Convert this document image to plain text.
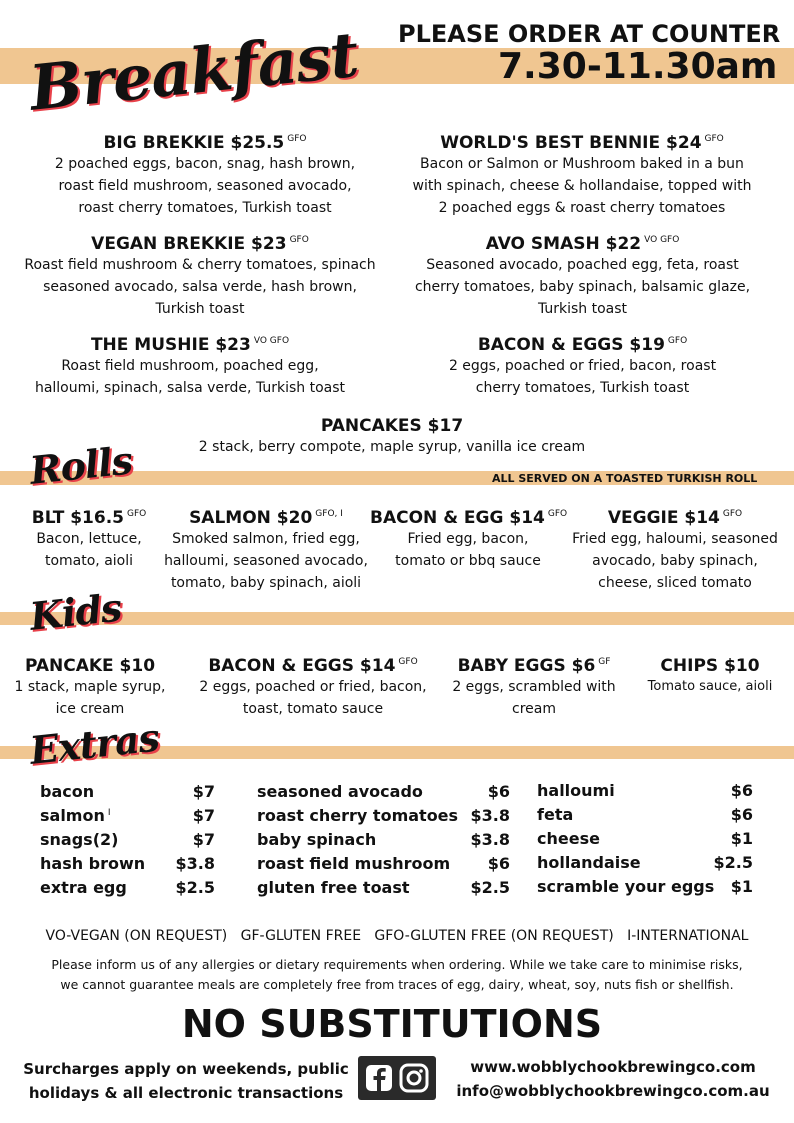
PLEASE ORDER AT COUNTER
7.30-11.30am
Breakfast
Rolls
Kids
Extras
ALL SERVED ON A TOASTED TURKISH ROLL
BIG BREKKIE $25.5 $^{GFO}$
2 poached eggs, bacon, snag, hash brown,
roast field mushroom, seasoned avocado,
roast cherry tomatoes, Turkish toast
WORLD'S BEST BENNIE $24 $^{GFO}$
Bacon or Salmon or Mushroom baked in a bun
with spinach, cheese & hollandaise, topped with
2 poached eggs & roast cherry tomatoes
VEGAN BREKKIE $23 $^{GFO}$
Roast field mushroom & cherry tomatoes, spinach
seasoned avocado, salsa verde, hash brown,
Turkish toast
AVO SMASH $22 $^{VO GFO}$
Seasoned avocado, poached egg, feta, roast
cherry tomatoes, baby spinach, balsamic glaze,
Turkish toast
THE MUSHIE $23 $^{VO GFO}$
Roast field mushroom, poached egg,
halloumi, spinach, salsa verde, Turkish toast
BACON & EGGS $19 $^{GFO}$
2 eggs, poached or fried, bacon, roast
cherry tomatoes, Turkish toast
PANCAKES $17
2 stack, berry compote, maple syrup, vanilla ice cream
BLT $16.5 $^{GFO}$
Bacon, lettuce,
tomato, aioli
SALMON $20 $^{GFO, I}$
Smoked salmon, fried egg,
halloumi, seasoned avocado,
tomato, baby spinach, aioli
BACON & EGG $14 $^{GFO}$
Fried egg, bacon,
tomato or bbq sauce
VEGGIE $14 $^{GFO}$
Fried egg, haloumi, seasoned
avocado, baby spinach,
cheese, sliced tomato
PANCAKE $10
1 stack, maple syrup,
ice cream
BACON & EGGS $14 $^{GFO}$
2 eggs, poached or fried, bacon,
toast, tomato sauce
BABY EGGS $6 $^{GF}$
2 eggs, scrambled with
cream
CHIPS $10
Tomato sauce, aioli
bacon	$7
salmon $^I$	$7
snags(2)	$7
hash brown $3.8
extra egg	$2.5
seasoned avocado	$6
roast cherry tomatoes $3.8
baby spinach	$3.8
roast field mushroom $6
gluten free toast	$2.5
halloumi	$6
feta	$6
cheese	$1
hollandaise	$2.5
scramble your eggs $1
VO-VEGAN (ON REQUEST)   GF-GLUTEN FREE   GFO-GLUTEN FREE (ON REQUEST)   I-INTERNATIONAL
Please inform us of any allergies or dietary requirements when ordering. While we take care to minimise risks,
we cannot guarantee meals are completely free from traces of egg, dairy, wheat, soy, nuts fish or shellfish.
NO SUBSTITUTIONS
Surcharges apply on weekends, public
holidays & all electronic transactions
www.wobblychookbrewingco.com
info@wobblychookbrewingco.com.au
